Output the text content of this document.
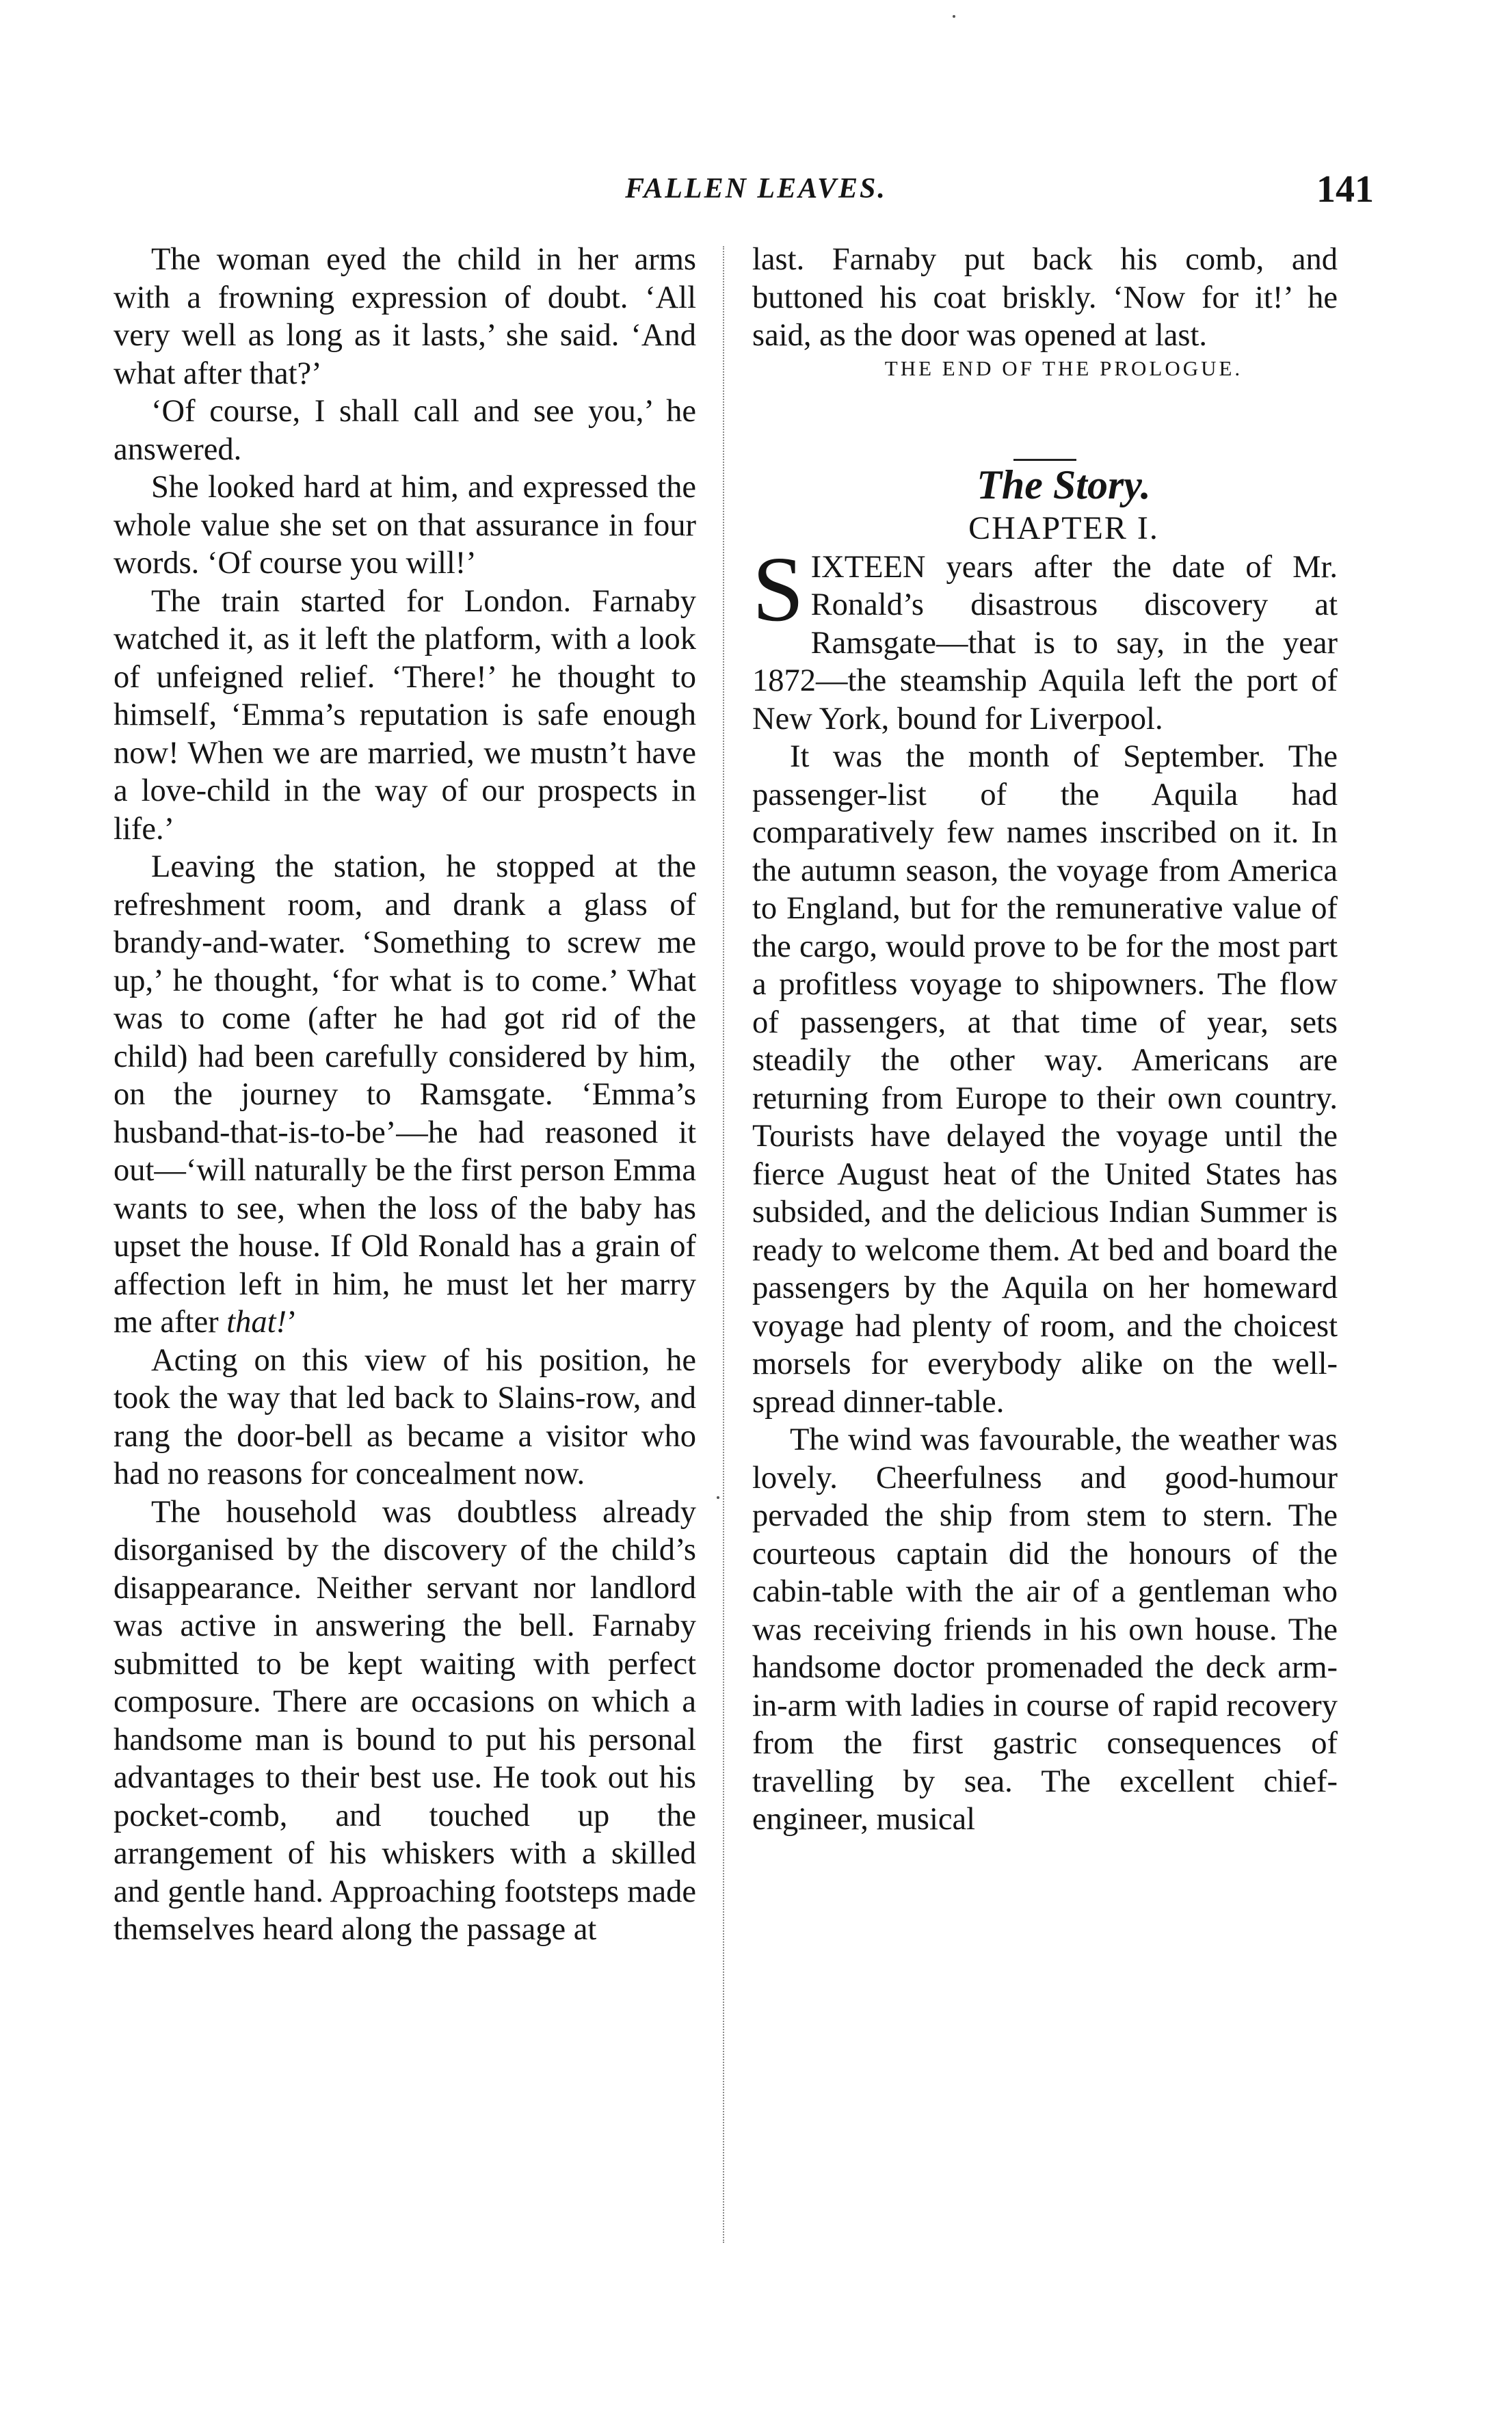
FALLEN LEAVES.	141

The woman eyed the child in her arms with a frowning expression of doubt. ‘All very well as long as it lasts,’ she said. ‘And what after that?’

‘Of course, I shall call and see you,’ he answered.

She looked hard at him, and expressed the whole value she set on that assurance in four words. ‘Of course you will!’

The train started for London. Farnaby watched it, as it left the platform, with a look of unfeigned relief. ‘There!’ he thought to himself, ‘Emma’s reputation is safe enough now! When we are married, we mustn’t have a love-child in the way of our prospects in life.’

Leaving the station, he stopped at the refreshment room, and drank a glass of brandy-and-water. ‘Something to screw me up,’ he thought, ‘for what is to come.’ What was to come (after he had got rid of the child) had been carefully considered by him, on the journey to Ramsgate. ‘Emma’s husband-that-is-to-be’—he had reasoned it out—‘will naturally be the first person Emma wants to see, when the loss of the baby has upset the house. If Old Ronald has a grain of affection left in him, he must let her marry me after that!’

Acting on this view of his position, he took the way that led back to Slains-row, and rang the door-bell as became a visitor who had no reasons for concealment now.

The household was doubtless already disorganised by the discovery of the child’s disappearance. Neither servant nor landlord was active in answering the bell. Farnaby submitted to be kept waiting with perfect composure. There are occasions on which a handsome man is bound to put his personal advantages to their best use. He took out his pocket-comb, and touched up the arrangement of his whiskers with a skilled and gentle hand. Approaching footsteps made themselves heard along the passage at

last. Farnaby put back his comb, and buttoned his coat briskly. ‘Now for it!’ he said, as the door was opened at last.

THE END OF THE PROLOGUE.

The Story.

CHAPTER I.

SIXTEEN years after the date of Mr. Ronald’s disastrous discovery at Ramsgate—that is to say, in the year 1872—the steamship Aquila left the port of New York, bound for Liverpool.

It was the month of September. The passenger-list of the Aquila had comparatively few names inscribed on it. In the autumn season, the voyage from America to England, but for the remunerative value of the cargo, would prove to be for the most part a profitless voyage to shipowners. The flow of passengers, at that time of year, sets steadily the other way. Americans are returning from Europe to their own country. Tourists have delayed the voyage until the fierce August heat of the United States has subsided, and the delicious Indian Summer is ready to welcome them. At bed and board the passengers by the Aquila on her homeward voyage had plenty of room, and the choicest morsels for everybody alike on the well-spread dinner-table.

The wind was favourable, the weather was lovely. Cheerfulness and good-humour pervaded the ship from stem to stern. The courteous captain did the honours of the cabin-table with the air of a gentleman who was receiving friends in his own house. The handsome doctor promenaded the deck arm-in-arm with ladies in course of rapid recovery from the first gastric consequences of travelling by sea. The excellent chief-engineer, musical
